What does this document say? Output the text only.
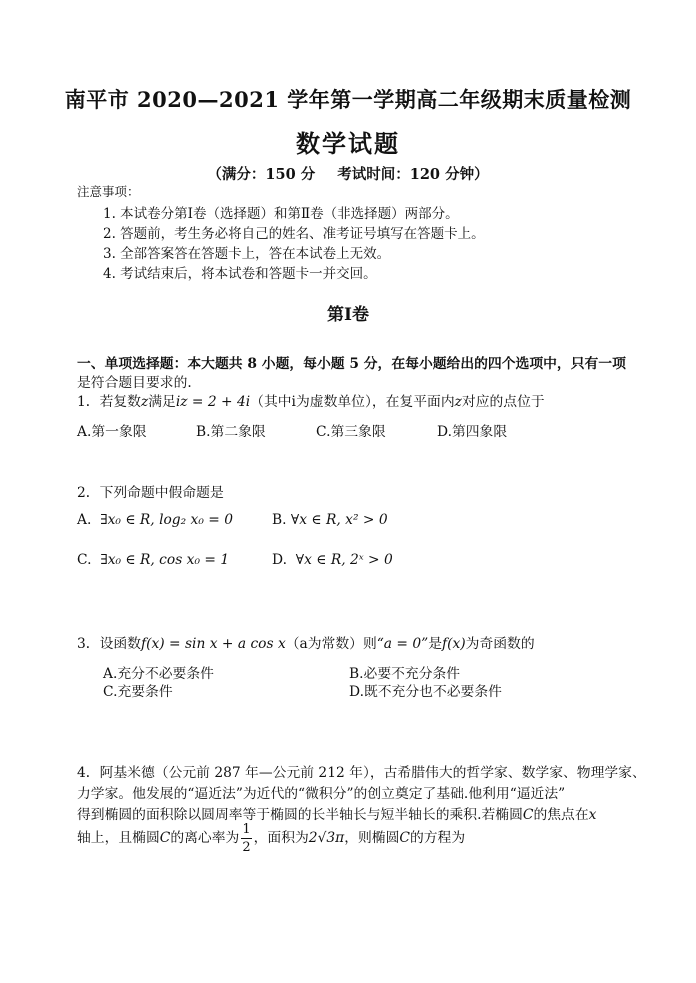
南平市 2020—2021 学年第一学期高二年级期末质量检测
数学试题
（满分：150 分 考试时间：120 分钟）
注意事项：
1. 本试卷分第Ⅰ卷（选择题）和第Ⅱ卷（非选择题）两部分。
2. 答题前，考生务必将自己的姓名、准考证号填写在答题卡上。
3. 全部答案答在答题卡上，答在本试卷上无效。
4. 考试结束后，将本试卷和答题卡一并交回。
第Ⅰ卷
一、单项选择题：本大题共 8 小题，每小题 5 分，在每小题给出的四个选项中，只有一项
是符合题目要求的．
1．若复数z满足iz = 2 + 4i（其中i为虚数单位），在复平面内z对应的点位于
A.第一象限	B.第二象限	C.第三象限	D.第四象限
2．下列命题中假命题是
A. ∃x₀ ∈ R, log₂ x₀ = 0	B. ∀x ∈ R, x² > 0
C. ∃x₀ ∈ R, cos x₀ = 1	D. ∀x ∈ R, 2ˣ > 0
3．设函数f(x) = sin x + a cos x（a为常数）则“a = 0”是f(x)为奇函数的
A.充分不必要条件	B.必要不充分条件
C.充要条件	D.既不充分也不必要条件
4．阿基米德（公元前 287 年—公元前 212 年），古希腊伟大的哲学家、数学家、物理学家、
力学家。他发展的“逼近法”为近代的“微积分”的创立奠定了基础.他利用“逼近法”
得到椭圆的面积除以圆周率等于椭圆的长半轴长与短半轴长的乘积.若椭圆C的焦点在x
轴上，且椭圆C的离心率为 $\frac{1}{2}$ ，面积为2√3π，则椭圆C的方程为
